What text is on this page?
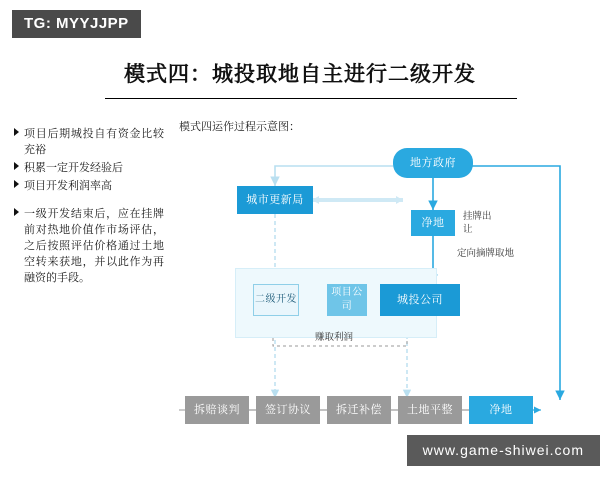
TG: MYYJJPP
模式四：城投取地自主进行二级开发
项目后期城投自有资金比较充裕
积累一定开发经验后
项目开发利润率高
一级开发结束后，应在挂牌前对热地价值作市场评估，之后按照评估价格通过土地空转来获地，并以此作为再融资的手段。
模式四运作过程示意图：
地方政府
城市更新局
净地
城投公司
项目公司
二级开发
拆赔谈判	签订协议	拆迁补偿	土地平整	净地
挂牌出让
定向摘牌取地
赚取利润
www.game-shiwei.com
